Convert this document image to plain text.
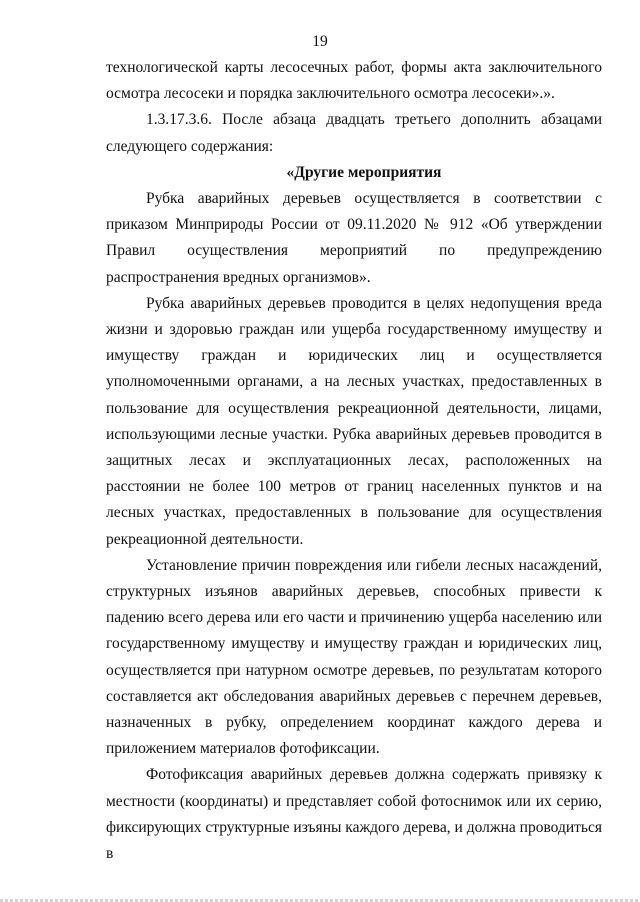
19

технологической карты лесосечных работ, формы акта заключительного осмотра лесосеки и порядка заключительного осмотра лесосеки».».

1.3.17.3.6. После абзаца двадцать третьего дополнить абзацами следующего содержания:

«Другие мероприятия

Рубка аварийных деревьев осуществляется в соответствии с приказом Минприроды России от 09.11.2020 № 912 «Об утверждении Правил осуществления мероприятий по предупреждению распространения вредных организмов».

Рубка аварийных деревьев проводится в целях недопущения вреда жизни и здоровью граждан или ущерба государственному имуществу и имуществу граждан и юридических лиц и осуществляется уполномоченными органами, а на лесных участках, предоставленных в пользование для осуществления рекреационной деятельности, лицами, использующими лесные участки. Рубка аварийных деревьев проводится в защитных лесах и эксплуатационных лесах, расположенных на расстоянии не более 100 метров от границ населенных пунктов и на лесных участках, предоставленных в пользование для осуществления рекреационной деятельности.

Установление причин повреждения или гибели лесных насаждений, структурных изъянов аварийных деревьев, способных привести к падению всего дерева или его части и причинению ущерба населению или государственному имуществу и имуществу граждан и юридических лиц, осуществляется при натурном осмотре деревьев, по результатам которого составляется акт обследования аварийных деревьев с перечнем деревьев, назначенных в рубку, определением координат каждого дерева и приложением материалов фотофиксации.

Фотофиксация аварийных деревьев должна содержать привязку к местности (координаты) и представляет собой фотоснимок или их серию, фиксирующих структурные изъяны каждого дерева, и должна проводиться в
